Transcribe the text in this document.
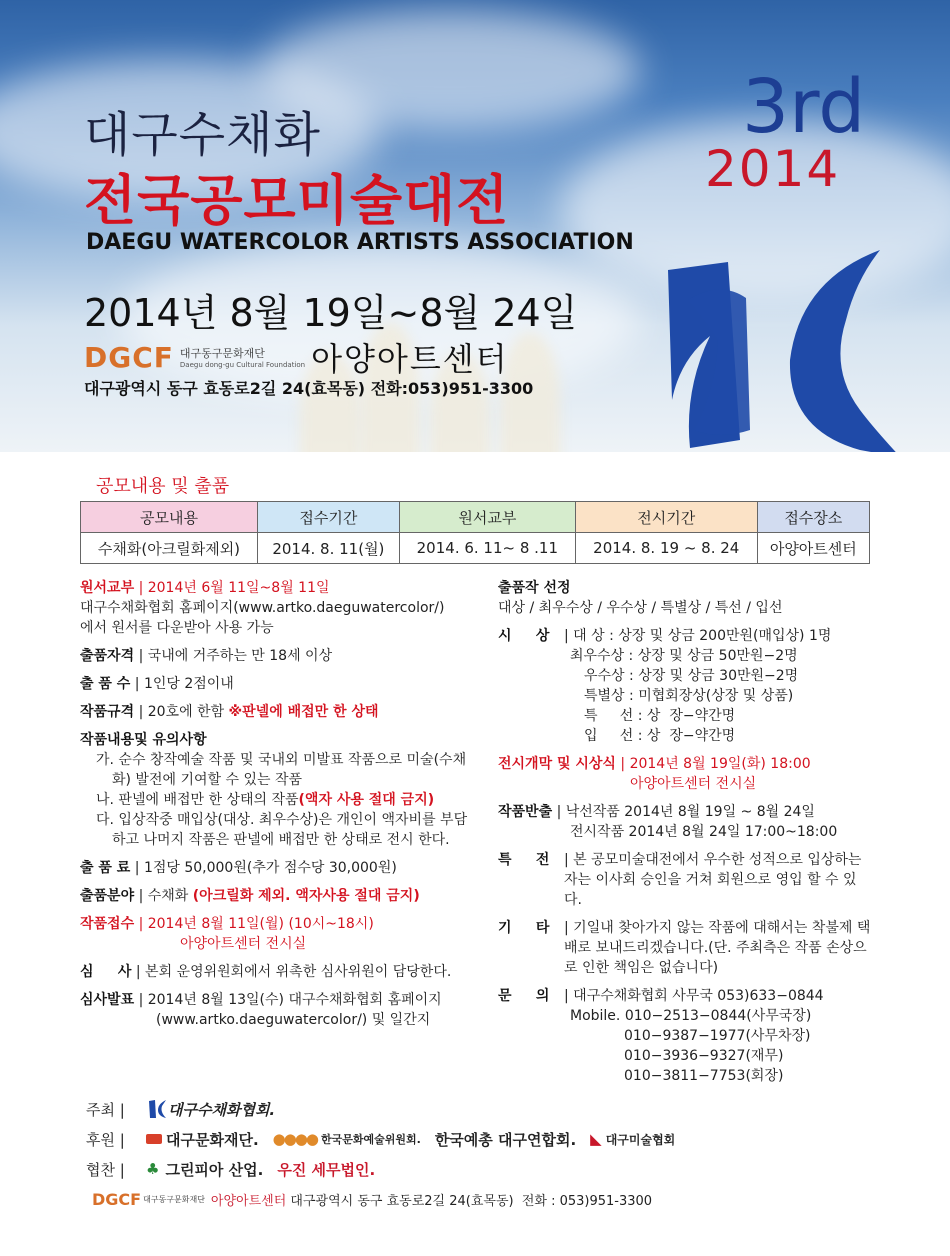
대구수채화
전국공모미술대전
DAEGU WATERCOLOR ARTISTS ASSOCIATION
2014년 8월 19일~8월 24일
DGCF 대구동구문화재단
Daegu dong-gu Cultural Foundation 아양아트센터
대구광역시 동구 효동로2길 24(효목동) 전화:053)951-3300
3rd
2014
공모내용 및 출품
공모내용	접수기간	원서교부	전시기간	접수장소
수채화(아크릴화제외)	2014. 8. 11(월)	2014. 6. 11~ 8 .11	2014. 8. 19 ~ 8. 24	아양아트센터
원서교부 | 2014년 6월 11일~8월 11일
대구수채화협회 홈페이지(www.artko.daeguwatercolor/)
에서 원서를 다운받아 사용 가능
출품자격 | 국내에 거주하는 만 18세 이상
출 품 수 | 1인당 2점이내
작품규격 | 20호에 한함 ※판넬에 배접만 한 상태
작품내용및 유의사항
가. 순수 창작예술 작품 및 국내외 미발표 작품으로 미술(수채화) 발전에 기여할 수 있는 작품
나. 판넬에 배접만 한 상태의 작품(액자 사용 절대 금지)
다. 입상작중 매입상(대상. 최우수상)은 개인이 액자비를 부담하고 나머지 작품은 판넬에 배접만 한 상태로 전시 한다.
출 품 료 | 1점당 50,000원(추가 점수당 30,000원)
출품분야 | 수채화 (아크릴화 제외. 액자사용 절대 금지)
작품접수 | 2014년 8월 11일(월) (10시~18시)
아양아트센터 전시실
심     사 | 본회 운영위원회에서 위촉한 심사위원이 담당한다.
심사발표 | 2014년 8월 13일(수) 대구수채화협회 홈페이지
(www.artko.daeguwatercolor/) 및 일간지
출품작 선정
대상 / 최우수상 / 우수상 / 특별상 / 특선 / 입선
시     상	| 대 상 : 상장 및 상금 200만원(매입상) 1명
최우수상 : 상장 및 상금 50만원−2명
우수상 : 상장 및 상금 30만원−2명
특별상 : 미협회장상(상장 및 상품)
특     선 : 상  장−약간명
입     선 : 상  장−약간명
전시개막 및 시상식 | 2014년 8월 19일(화) 18:00
아양아트센터 전시실
작품반출 | 낙선작품 2014년 8월 19일 ~ 8월 24일
전시작품 2014년 8월 24일 17:00~18:00
특     전	| 본 공모미술대전에서 우수한 성적으로 입상하는 자는 이사회 승인을 거쳐 회원으로 영입 할 수 있다.
기     타	| 기일내 찾아가지 않는 작품에 대해서는 착불제 택배로 보내드리겠습니다.(단. 주최측은 작품 손상으로 인한 책임은 없습니다)
문     의	| 대구수채화협회 사무국 053)633−0844
Mobile. 010−2513−0844(사무국장)
010−9387−1977(사무차장)
010−3936−9327(재무)
010−3811−7753(회장)
주최 |	대구수채화협회.
후원 |	대구문화재단. ●●●● 한국문화예술위원회. 한국예총 대구연합회. ◣ 대구미술협회
협찬 |	♣ 그린피아 산업. 우진 세무법인.
DGCF 대구동구문화재단 아양아트센터 대구광역시 동구 효동로2길 24(효목동)  전화 : 053)951-3300
